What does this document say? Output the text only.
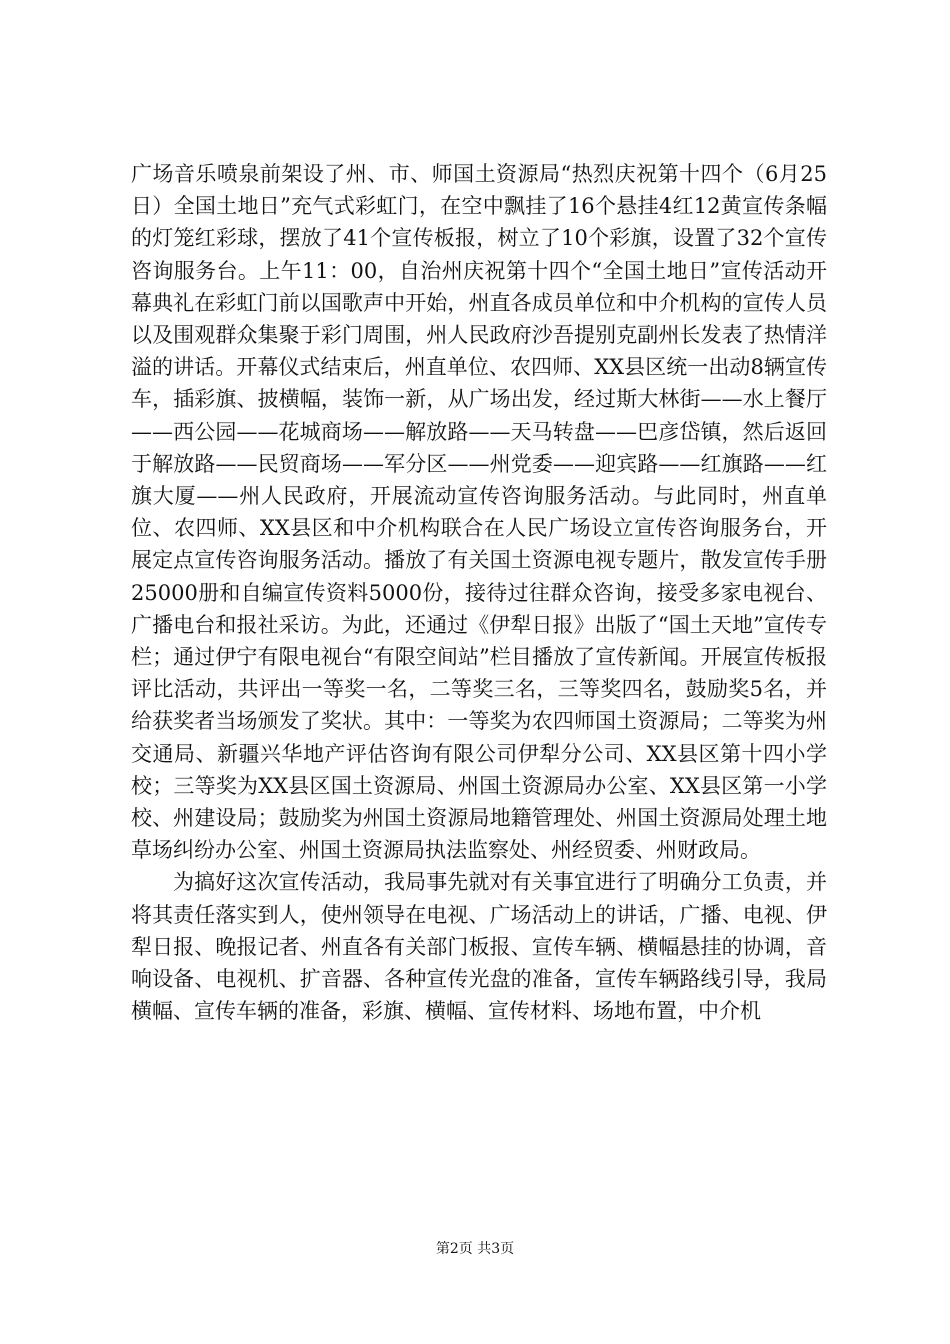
广场音乐喷泉前架设了州、市、师国土资源局“热烈庆祝第十四个（6月25日）全国土地日”充气式彩虹门，在空中飘挂了16个悬挂4红12黄宣传条幅的灯笼红彩球，摆放了41个宣传板报，树立了10个彩旗，设置了32个宣传咨询服务台。上午11：00，自治州庆祝第十四个“全国土地日”宣传活动开幕典礼在彩虹门前以国歌声中开始，州直各成员单位和中介机构的宣传人员以及围观群众集聚于彩门周围，州人民政府沙吾提别克副州长发表了热情洋溢的讲话。开幕仪式结束后，州直单位、农四师、XX县区统一出动8辆宣传车，插彩旗、披横幅，装饰一新，从广场出发，经过斯大林街——水上餐厅——西公园——花城商场——解放路——天马转盘——巴彦岱镇，然后返回于解放路——民贸商场——军分区——州党委——迎宾路——红旗路——红旗大厦——州人民政府，开展流动宣传咨询服务活动。与此同时，州直单位、农四师、XX县区和中介机构联合在人民广场设立宣传咨询服务台，开展定点宣传咨询服务活动。播放了有关国土资源电视专题片，散发宣传手册25000册和自编宣传资料5000份，接待过往群众咨询，接受多家电视台、广播电台和报社采访。为此，还通过《伊犁日报》出版了“国土天地”宣传专栏；通过伊宁有限电视台“有限空间站”栏目播放了宣传新闻。开展宣传板报评比活动，共评出一等奖一名，二等奖三名，三等奖四名，鼓励奖5名，并给获奖者当场颁发了奖状。其中：一等奖为农四师国土资源局；二等奖为州交通局、新疆兴华地产评估咨询有限公司伊犁分公司、XX县区第十四小学校；三等奖为XX县区国土资源局、州国土资源局办公室、XX县区第一小学校、州建设局；鼓励奖为州国土资源局地籍管理处、州国土资源局处理土地草场纠纷办公室、州国土资源局执法监察处、州经贸委、州财政局。

为搞好这次宣传活动，我局事先就对有关事宜进行了明确分工负责，并将其责任落实到人，使州领导在电视、广场活动上的讲话，广播、电视、伊犁日报、晚报记者、州直各有关部门板报、宣传车辆、横幅悬挂的协调，音响设备、电视机、扩音器、各种宣传光盘的准备，宣传车辆路线引导，我局横幅、宣传车辆的准备，彩旗、横幅、宣传材料、场地布置，中介机

第2页 共3页
